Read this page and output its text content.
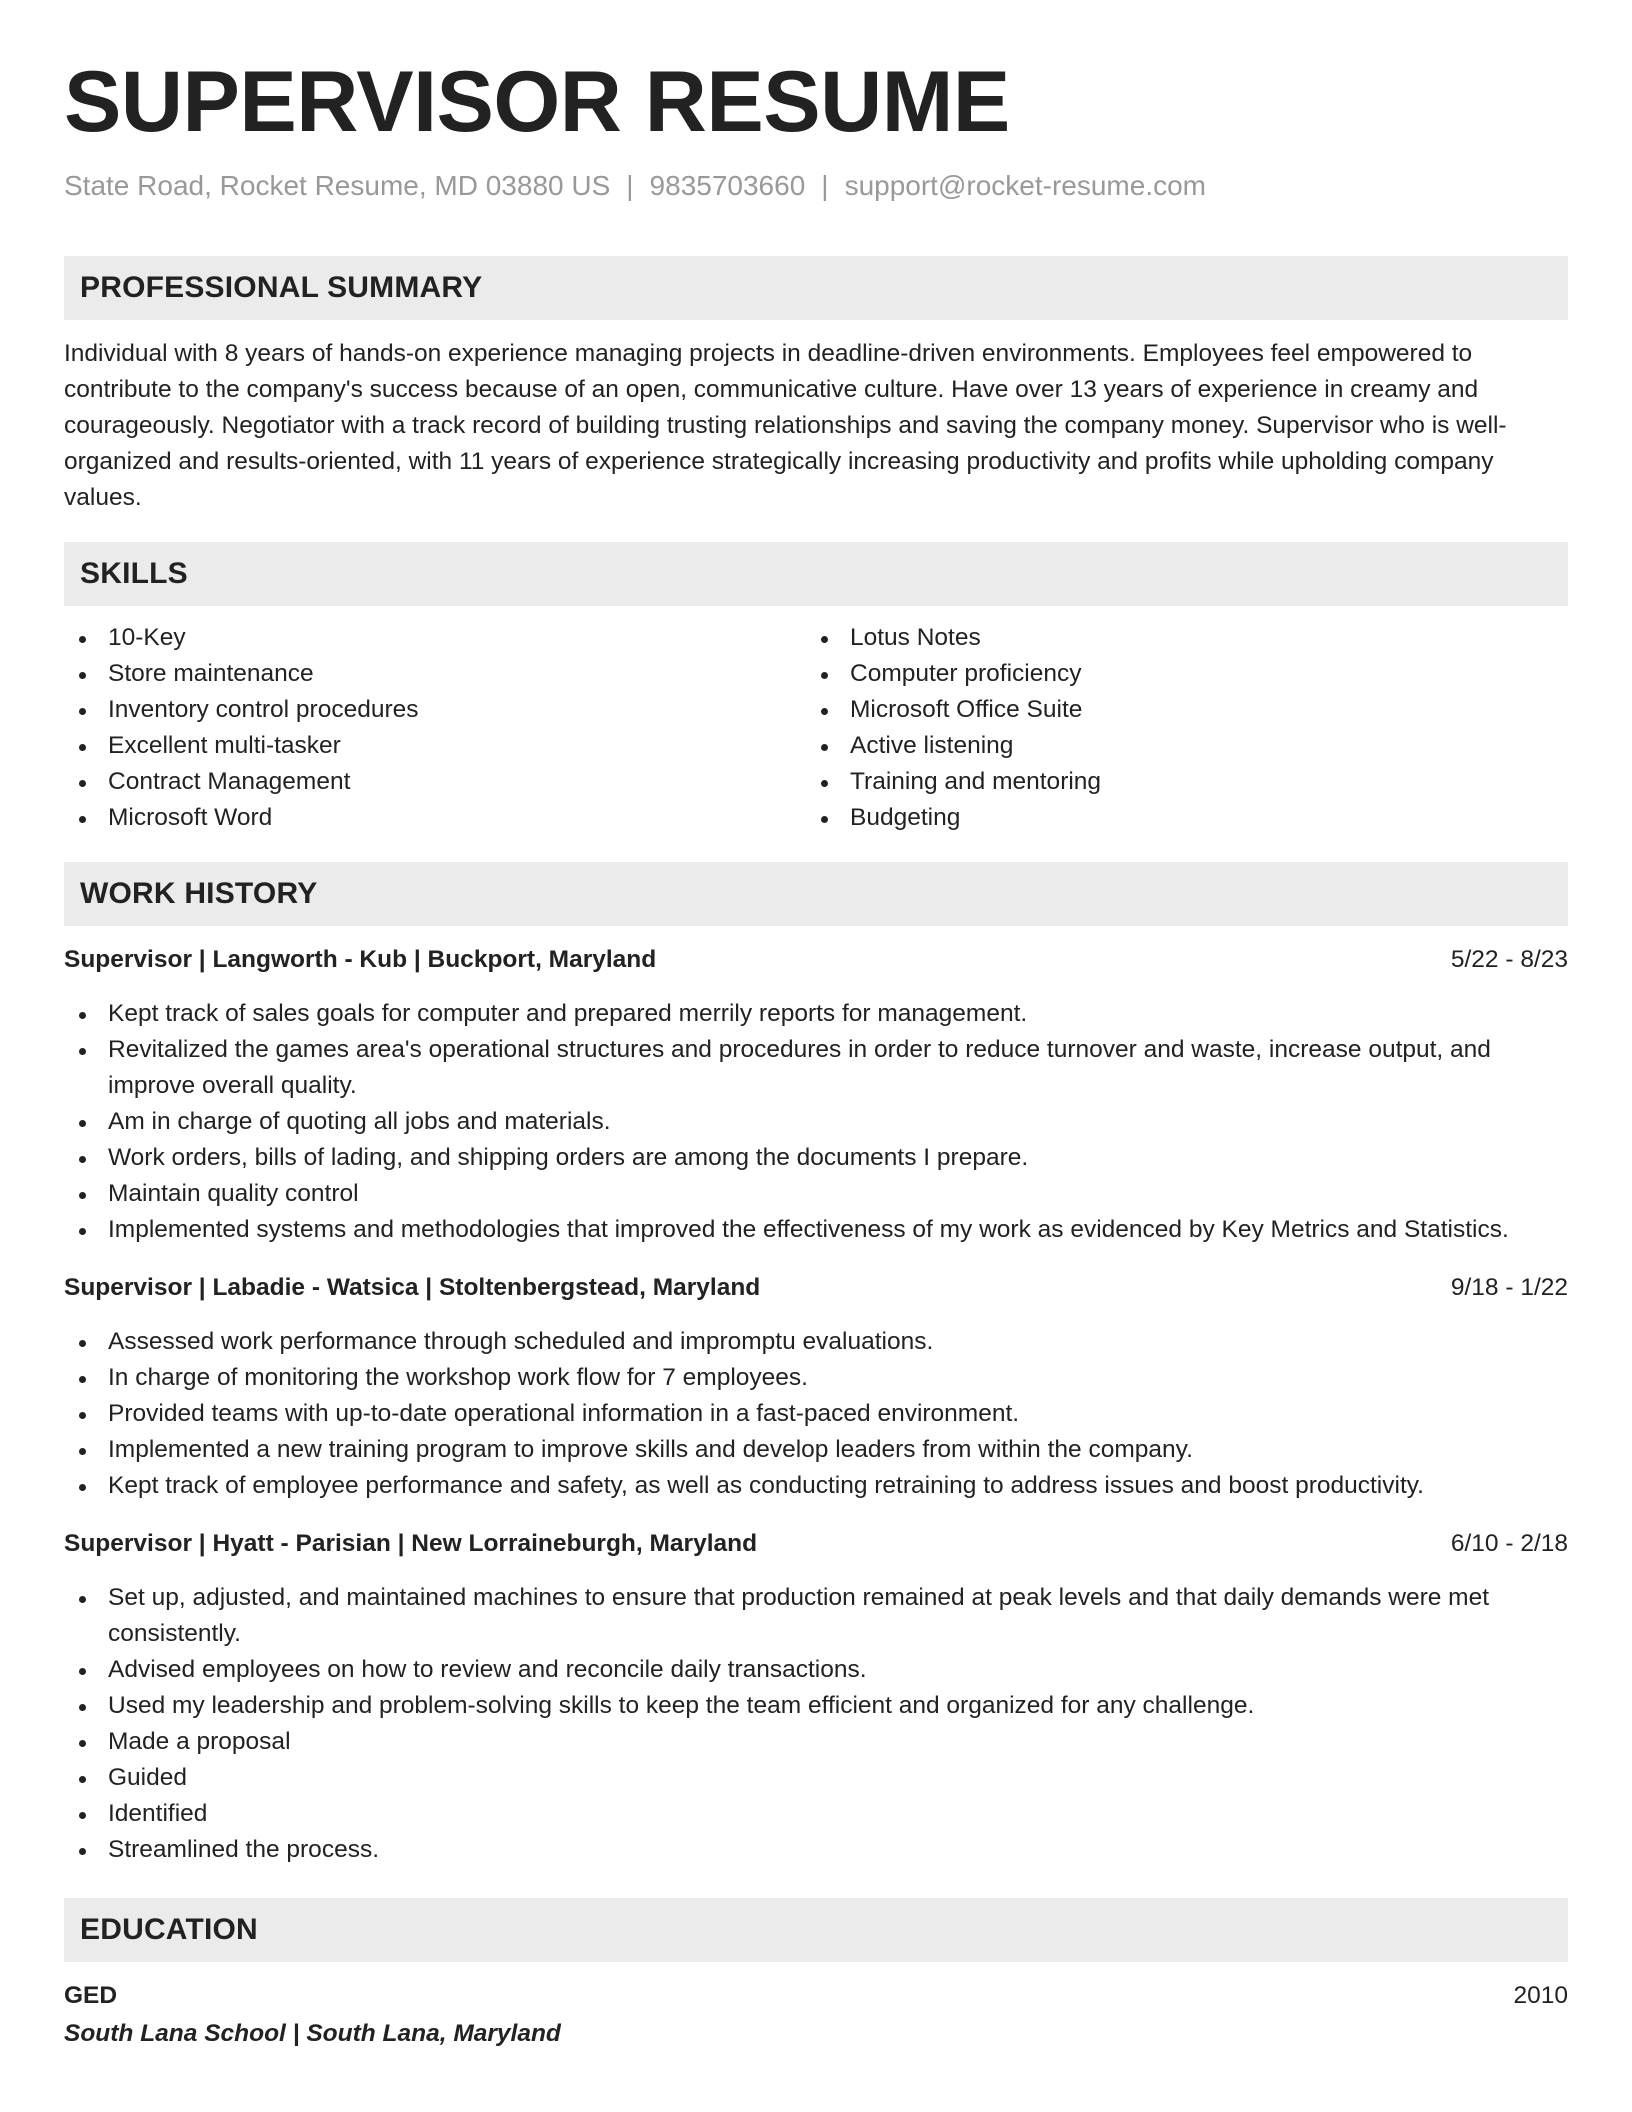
SUPERVISOR RESUME
State Road, Rocket Resume, MD 03880 US | 9835703660 | support@rocket-resume.com
PROFESSIONAL SUMMARY

Individual with 8 years of hands-on experience managing projects in deadline-driven environments. Employees feel empowered to contribute to the company's success because of an open, communicative culture. Have over 13 years of experience in creamy and courageously. Negotiator with a track record of building trusting relationships and saving the company money. Supervisor who is well-organized and results-oriented, with 11 years of experience strategically increasing productivity and profits while upholding company values.

SKILLS
10-Key
Store maintenance
Inventory control procedures
Excellent multi-tasker
Contract Management
Microsoft Word
Lotus Notes
Computer proficiency
Microsoft Office Suite
Active listening
Training and mentoring
Budgeting
WORK HISTORY
Supervisor | Langworth - Kub | Buckport, Maryland	5/22 - 8/23
Kept track of sales goals for computer and prepared merrily reports for management.
Revitalized the games area's operational structures and procedures in order to reduce turnover and waste, increase output, and improve overall quality.
Am in charge of quoting all jobs and materials.
Work orders, bills of lading, and shipping orders are among the documents I prepare.
Maintain quality control
Implemented systems and methodologies that improved the effectiveness of my work as evidenced by Key Metrics and Statistics.
Supervisor | Labadie - Watsica | Stoltenbergstead, Maryland	9/18 - 1/22
Assessed work performance through scheduled and impromptu evaluations.
In charge of monitoring the workshop work flow for 7 employees.
Provided teams with up-to-date operational information in a fast-paced environment.
Implemented a new training program to improve skills and develop leaders from within the company.
Kept track of employee performance and safety, as well as conducting retraining to address issues and boost productivity.
Supervisor | Hyatt - Parisian | New Lorraineburgh, Maryland	6/10 - 2/18
Set up, adjusted, and maintained machines to ensure that production remained at peak levels and that daily demands were met consistently.
Advised employees on how to review and reconcile daily transactions.
Used my leadership and problem-solving skills to keep the team efficient and organized for any challenge.
Made a proposal
Guided
Identified
Streamlined the process.
EDUCATION
GED	2010
South Lana School | South Lana, Maryland
